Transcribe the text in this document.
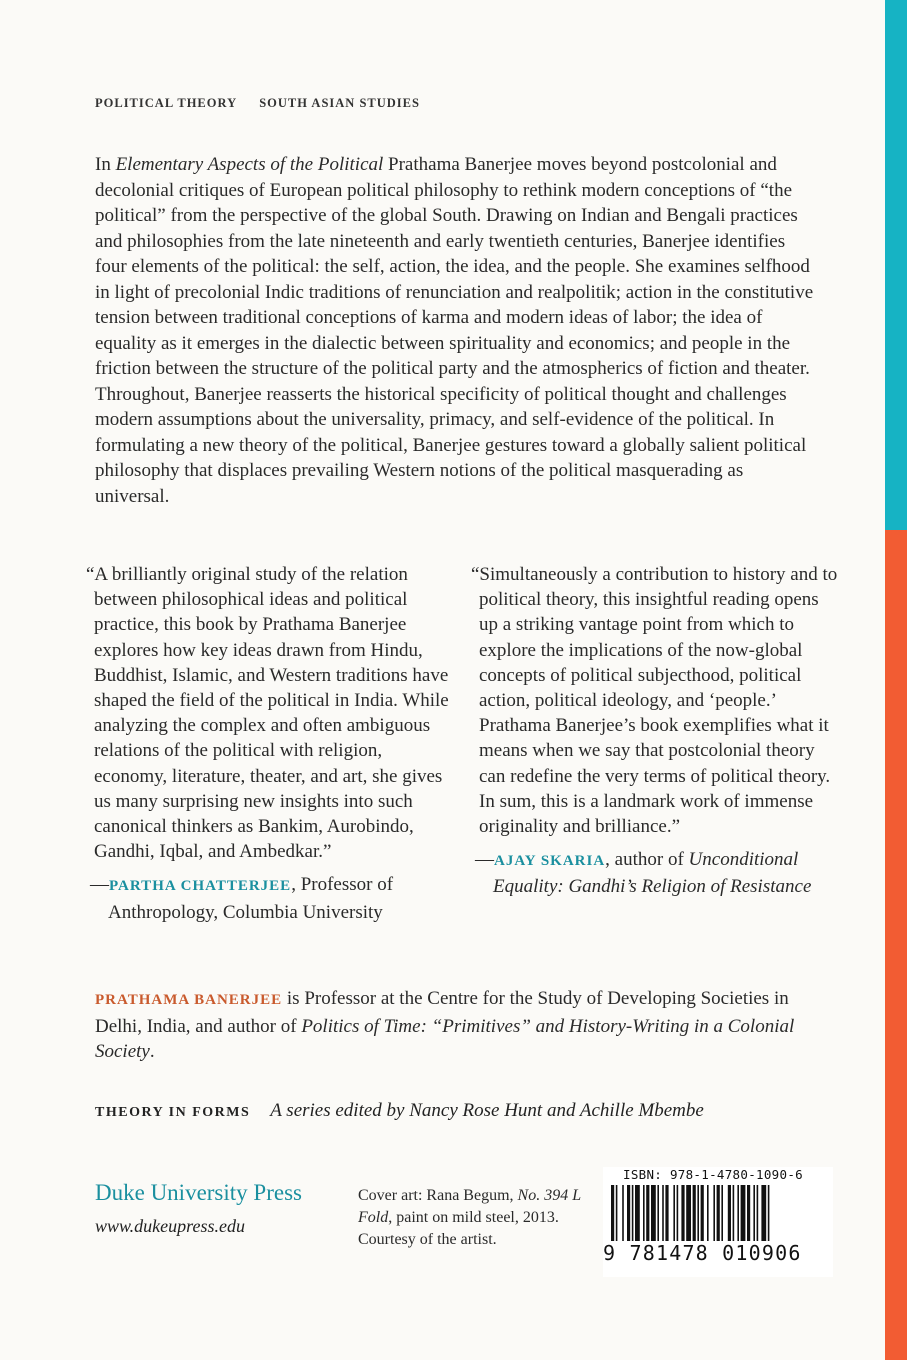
POLITICAL THEORY SOUTH ASIAN STUDIES

In Elementary Aspects of the Political Prathama Banerjee moves beyond postcolonial and decolonial critiques of European political philosophy to rethink modern conceptions of “the political” from the perspective of the global South. Drawing on Indian and Bengali practices and philosophies from the late nineteenth and early twentieth centuries, Banerjee identifies four elements of the political: the self, action, the idea, and the people. She examines selfhood in light of precolonial Indic traditions of renunciation and realpolitik; action in the constitutive tension between traditional conceptions of karma and modern ideas of labor; the idea of equality as it emerges in the dialectic between spirituality and economics; and people in the friction between the structure of the political party and the atmospherics of fiction and theater. Throughout, Banerjee reasserts the historical specificity of political thought and challenges modern assumptions about the universality, primacy, and self-evidence of the political. In formulating a new theory of the political, Banerjee gestures toward a globally salient political philosophy that displaces prevailing Western notions of the political masquerading as universal.

“A brilliantly original study of the relation between philosophical ideas and political practice, this book by Prathama Banerjee explores how key ideas drawn from Hindu, Buddhist, Islamic, and Western traditions have shaped the field of the political in India. While analyzing the complex and often ambiguous relations of the political with religion, economy, literature, theater, and art, she gives us many surprising new insights into such canonical thinkers as Bankim, Aurobindo, Gandhi, Iqbal, and Ambedkar.”
—PARTHA CHATTERJEE, Professor of Anthropology, Columbia University
“Simultaneously a contribution to history and to political theory, this insightful reading opens up a striking vantage point from which to explore the implications of the now-global concepts of political subjecthood, political action, political ideology, and ‘people.’ Prathama Banerjee’s book exemplifies what it means when we say that postcolonial theory can redefine the very terms of political theory. In sum, this is a landmark work of immense originality and brilliance.”
—AJAY SKARIA, author of Unconditional Equality: Gandhi’s Religion of Resistance
PRATHAMA BANERJEE is Professor at the Centre for the Study of Developing Societies in Delhi, India, and author of Politics of Time: “Primitives” and History-Writing in a Colonial Society.
THEORY IN FORMS A series edited by Nancy Rose Hunt and Achille Mbembe
Duke University Press
www.dukeupress.edu
Cover art: Rana Begum, No. 394 L Fold, paint on mild steel, 2013. Courtesy of the artist.
ISBN: 978-1-4780-1090-6
9 781478 010906
